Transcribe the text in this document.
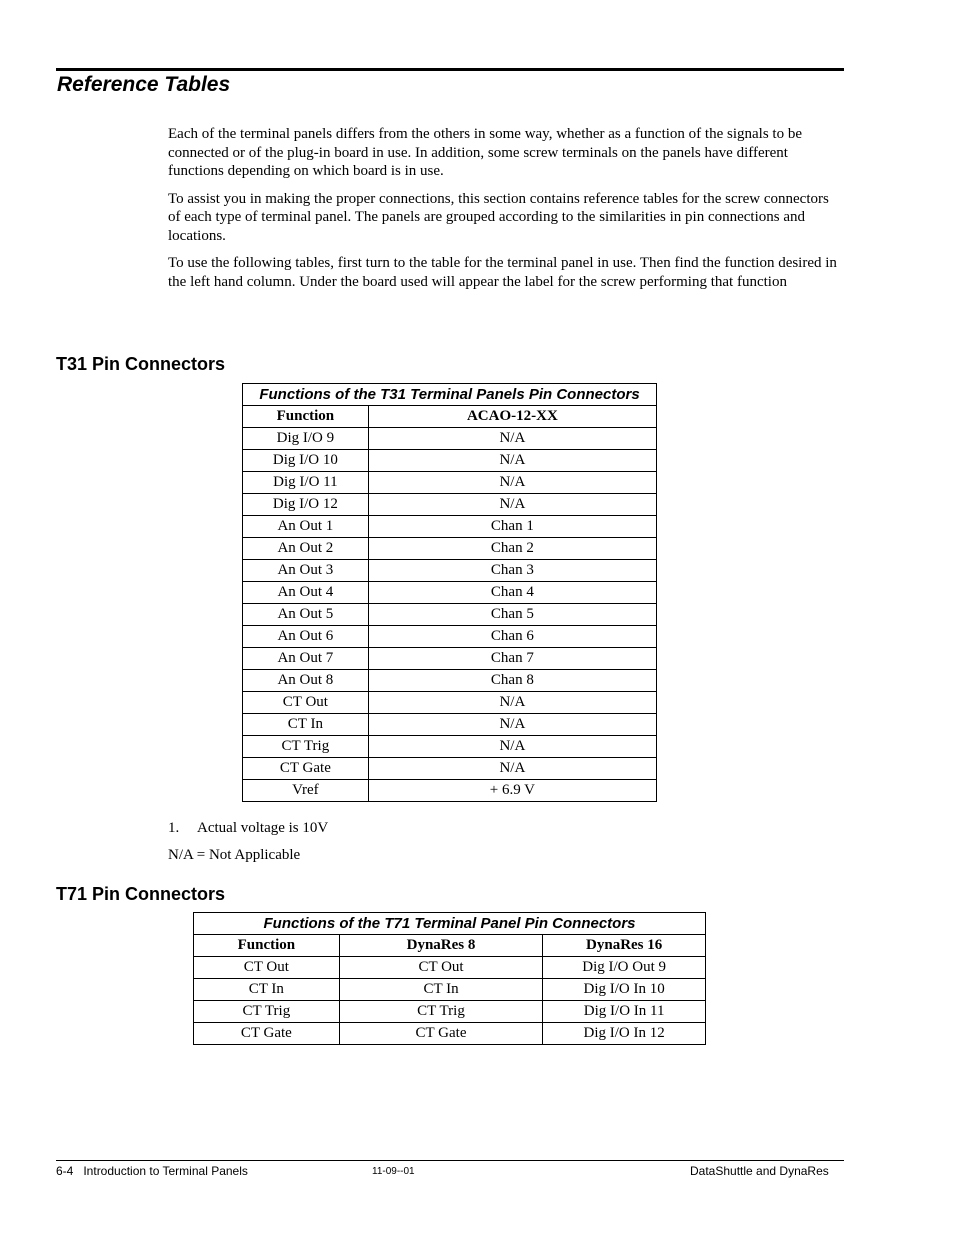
Reference Tables

Each of the terminal panels differs from the others in some way, whether as a function of the signals to be connected or of the plug-in board in use. In addition, some screw terminals on the panels have different functions depending on which board is in use.

To assist you in making the proper connections, this section contains reference tables for the screw connectors of each type of terminal panel. The panels are grouped according to the similarities in pin connections and locations.

To use the following tables, first turn to the table for the terminal panel in use. Then find the function desired in the left hand column. Under the board used will appear the label for the screw performing that function

T31 Pin Connectors
Functions of the T31 Terminal Panels Pin Connectors	
Function	ACAO-12-XX
Dig I/O 9	N/A
Dig I/O 10	N/A
Dig I/O 11	N/A
Dig I/O 12	N/A
An Out 1	Chan 1
An Out 2	Chan 2
An Out 3	Chan 3
An Out 4	Chan 4
An Out 5	Chan 5
An Out 6	Chan 6
An Out 7	Chan 7
An Out 8	Chan 8
CT Out	N/A
CT In	N/A
CT Trig	N/A
CT Gate	N/A
Vref	+ 6.9 V
1. Actual voltage is 10V
N/A = Not Applicable
T71 Pin Connectors
Functions of the T71 Terminal Panel Pin Connectors		
Function	DynaRes 8	DynaRes 16
CT Out	CT Out	Dig I/O Out 9
CT In	CT In	Dig I/O In 10
CT Trig	CT Trig	Dig I/O In 11
CT Gate	CT Gate	Dig I/O In 12
6-4   Introduction to Terminal Panels	11-09--01	DataShuttle and DynaRes
